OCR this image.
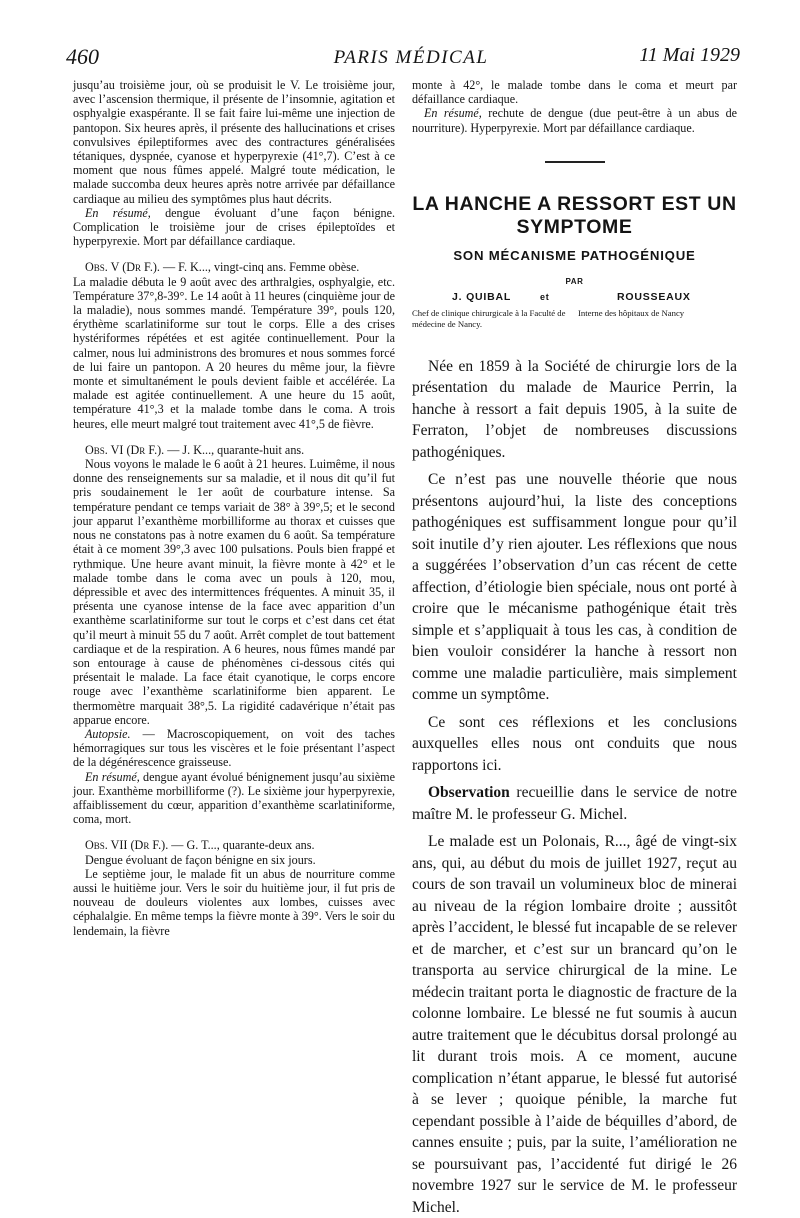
460	PARIS MÉDICAL	11 Mai 1929

jusqu’au troisième jour, où se produisit le V. Le troisième jour, avec l’ascension thermique, il présente de l’insomnie, agitation et osphyalgie exaspérante. Il se fait faire lui-même une injection de pantopon. Six heures après, il présente des hallucinations et crises convulsives épileptiformes avec des contractures généralisées tétaniques, dyspnée, cyanose et hyperpyrexie (41°,7). C’est à ce moment que nous fûmes appelé. Malgré toute médication, le malade succomba deux heures après notre arrivée par défaillance cardiaque au milieu des symptômes plus haut décrits.

En résumé, dengue évoluant d’une façon bénigne. Complication le troisième jour de crises épileptoïdes et hyperpyrexie. Mort par défaillance cardiaque.

Obs. V (Dr F.). — F. K..., vingt-cinq ans. Femme obèse.

La maladie débuta le 9 août avec des arthralgies, osphyalgie, etc. Température 37°,8-39°. Le 14 août à 11 heures (cinquième jour de la maladie), nous sommes mandé. Température 39°, pouls 120, érythème scarlatiniforme sur tout le corps. Elle a des crises hystériformes répétées et est agitée continuellement. Pour la calmer, nous lui administrons des bromures et nous sommes forcé de lui faire un pantopon. A 20 heures du même jour, la fièvre monte et simultanément le pouls devient faible et accélérée. La malade est agitée continuellement. A une heure du 15 août, température 41°,3 et la malade tombe dans le coma. A trois heures, elle meurt malgré tout traitement avec 41°,5 de fièvre.

Obs. VI (Dr F.). — J. K..., quarante-huit ans.

Nous voyons le malade le 6 août à 21 heures. Luimême, il nous donne des renseignements sur sa maladie, et il nous dit qu’il fut pris soudainement le 1er août de courbature intense. Sa température pendant ce temps variait de 38° à 39°,5; et le second jour apparut l’exanthème morbilliforme au thorax et cuisses que nous ne constatons pas à notre examen du 6 août. Sa température était à ce moment 39°,3 avec 100 pulsations. Pouls bien frappé et rythmique. Une heure avant minuit, la fièvre monte à 42° et le malade tombe dans le coma avec un pouls à 120, mou, dépressible et avec des intermittences fréquentes. A minuit 35, il présenta une cyanose intense de la face avec apparition d’un exanthème scarlatiniforme sur tout le corps et c’est dans cet état qu’il meurt à minuit 55 du 7 août. Arrêt complet de tout battement cardiaque et de la respiration. A 6 heures, nous fûmes mandé par son entourage à cause de phénomènes ci-dessous cités qui présentait le malade. La face était cyanotique, le corps encore rouge avec l’exanthème scarlatiniforme bien apparent. Le thermomètre marquait 38°,5. La rigidité cadavérique n’était pas apparue encore.

Autopsie. — Macroscopiquement, on voit des taches hémorragiques sur tous les viscères et le foie présentant l’aspect de la dégénérescence graisseuse.

En résumé, dengue ayant évolué bénignement jusqu’au sixième jour. Exanthème morbilliforme (?). Le sixième jour hyperpyrexie, affaiblissement du cœur, apparition d’exanthème scarlatiniforme, coma, mort.

Obs. VII (Dr F.). — G. T..., quarante-deux ans.

Dengue évoluant de façon bénigne en six jours.

Le septième jour, le malade fit un abus de nourriture comme aussi le huitième jour. Vers le soir du huitième jour, il fut pris de nouveau de douleurs violentes aux lombes, cuisses avec céphalalgie. En même temps la fièvre monte à 39°. Vers le soir du lendemain, la fièvre

monte à 42°, le malade tombe dans le coma et meurt par défaillance cardiaque.

En résumé, rechute de dengue (due peut-être à un abus de nourriture). Hyperpyrexie. Mort par défaillance cardiaque.

LA HANCHE A RESSORT EST UN SYMPTOME
SON MÉCANISME PATHOGÉNIQUE
PAR
J. QUIBAL	et	ROUSSEAUX
Chef de clinique chirurgicale à la Faculté de médecine de Nancy.
Interne des hôpitaux de Nancy

Née en 1859 à la Société de chirurgie lors de la présentation du malade de Maurice Perrin, la hanche à ressort a fait depuis 1905, à la suite de Ferraton, l’objet de nombreuses discussions pathogéniques.

Ce n’est pas une nouvelle théorie que nous présentons aujourd’hui, la liste des conceptions pathogéniques est suffisamment longue pour qu’il soit inutile d’y rien ajouter. Les réflexions que nous a suggérées l’observation d’un cas récent de cette affection, d’étiologie bien spéciale, nous ont porté à croire que le mécanisme pathogénique était très simple et s’appliquait à tous les cas, à condition de bien vouloir considérer la hanche à ressort non comme une maladie particulière, mais simplement comme un symptôme.

Ce sont ces réflexions et les conclusions auxquelles elles nous ont conduits que nous rapportons ici.

Observation recueillie dans le service de notre maître M. le professeur G. Michel.

Le malade est un Polonais, R..., âgé de vingt-six ans, qui, au début du mois de juillet 1927, reçut au cours de son travail un volumineux bloc de minerai au niveau de la région lombaire droite ; aussitôt après l’accident, le blessé fut incapable de se relever et de marcher, et c’est sur un brancard qu’on le transporta au service chirurgical de la mine. Le médecin traitant porta le diagnostic de fracture de la colonne lombaire. Le blessé ne fut soumis à aucun autre traitement que le décubitus dorsal prolongé au lit durant trois mois. A ce moment, aucune complication n’étant apparue, le blessé fut autorisé à se lever ; quoique pénible, la marche fut cependant possible à l’aide de béquilles d’abord, de cannes ensuite ; puis, par la suite, l’amélioration ne se poursuivant pas, l’accidenté fut dirigé le 26 novembre 1927 sur le service de M. le professeur Michel.
